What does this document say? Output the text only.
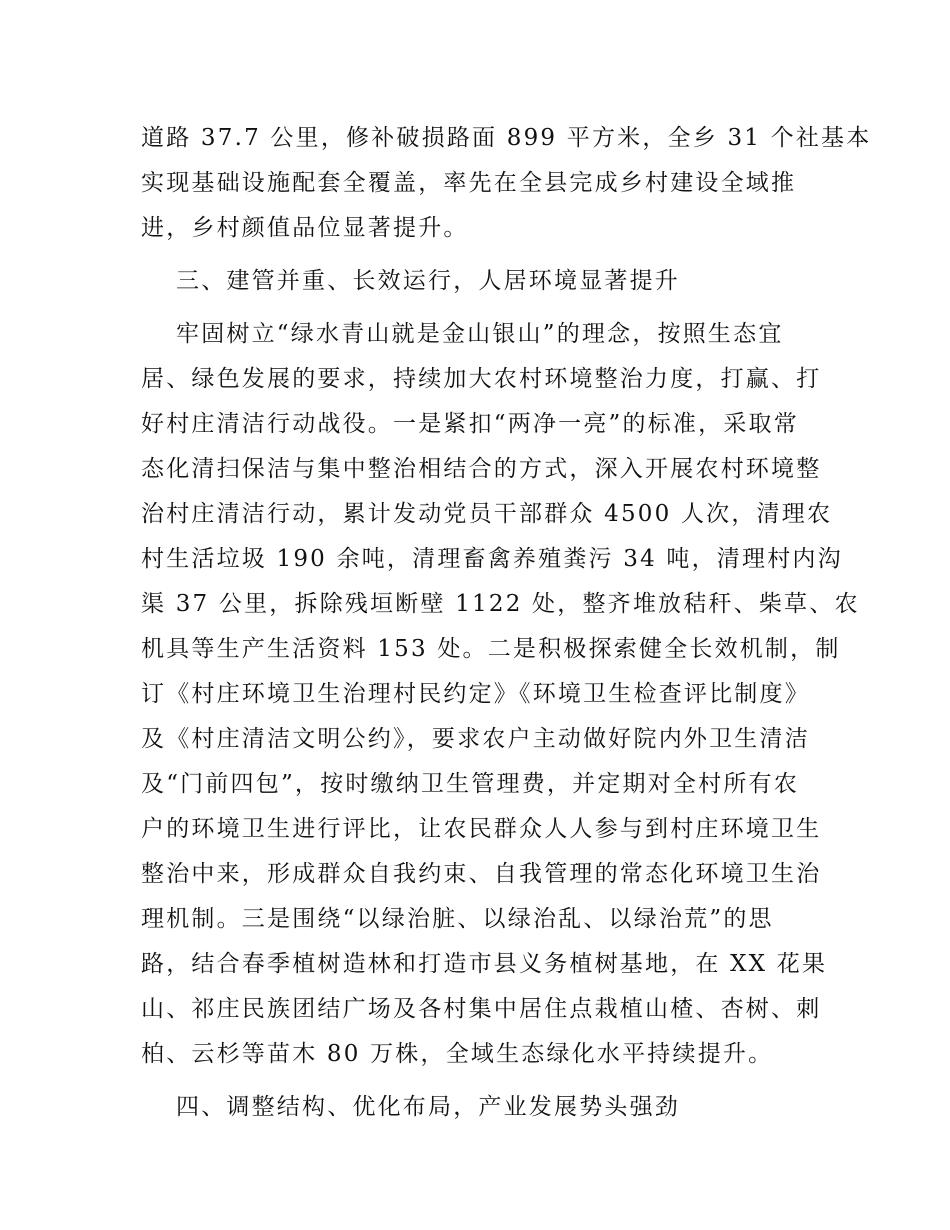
道路 37.7 公里，修补破损路面 899 平方米，全乡 31 个社基本
实现基础设施配套全覆盖，率先在全县完成乡村建设全域推
进，乡村颜值品位显著提升。
三、建管并重、长效运行，人居环境显著提升
牢固树立“绿水青山就是金山银山”的理念，按照生态宜
居、绿色发展的要求，持续加大农村环境整治力度，打赢、打
好村庄清洁行动战役。一是紧扣“两净一亮”的标准，采取常
态化清扫保洁与集中整治相结合的方式，深入开展农村环境整
治村庄清洁行动，累计发动党员干部群众 4500 人次，清理农
村生活垃圾 190 余吨，清理畜禽养殖粪污 34 吨，清理村内沟
渠 37 公里，拆除残垣断壁 1122 处，整齐堆放秸秆、柴草、农
机具等生产生活资料 153 处。二是积极探索健全长效机制，制
订《村庄环境卫生治理村民约定》《环境卫生检查评比制度》
及《村庄清洁文明公约》，要求农户主动做好院内外卫生清洁
及“门前四包”，按时缴纳卫生管理费，并定期对全村所有农
户的环境卫生进行评比，让农民群众人人参与到村庄环境卫生
整治中来，形成群众自我约束、自我管理的常态化环境卫生治
理机制。三是围绕“以绿治脏、以绿治乱、以绿治荒”的思
路，结合春季植树造林和打造市县义务植树基地，在 XX 花果
山、祁庄民族团结广场及各村集中居住点栽植山楂、杏树、刺
柏、云杉等苗木 80 万株，全域生态绿化水平持续提升。
四、调整结构、优化布局，产业发展势头强劲
